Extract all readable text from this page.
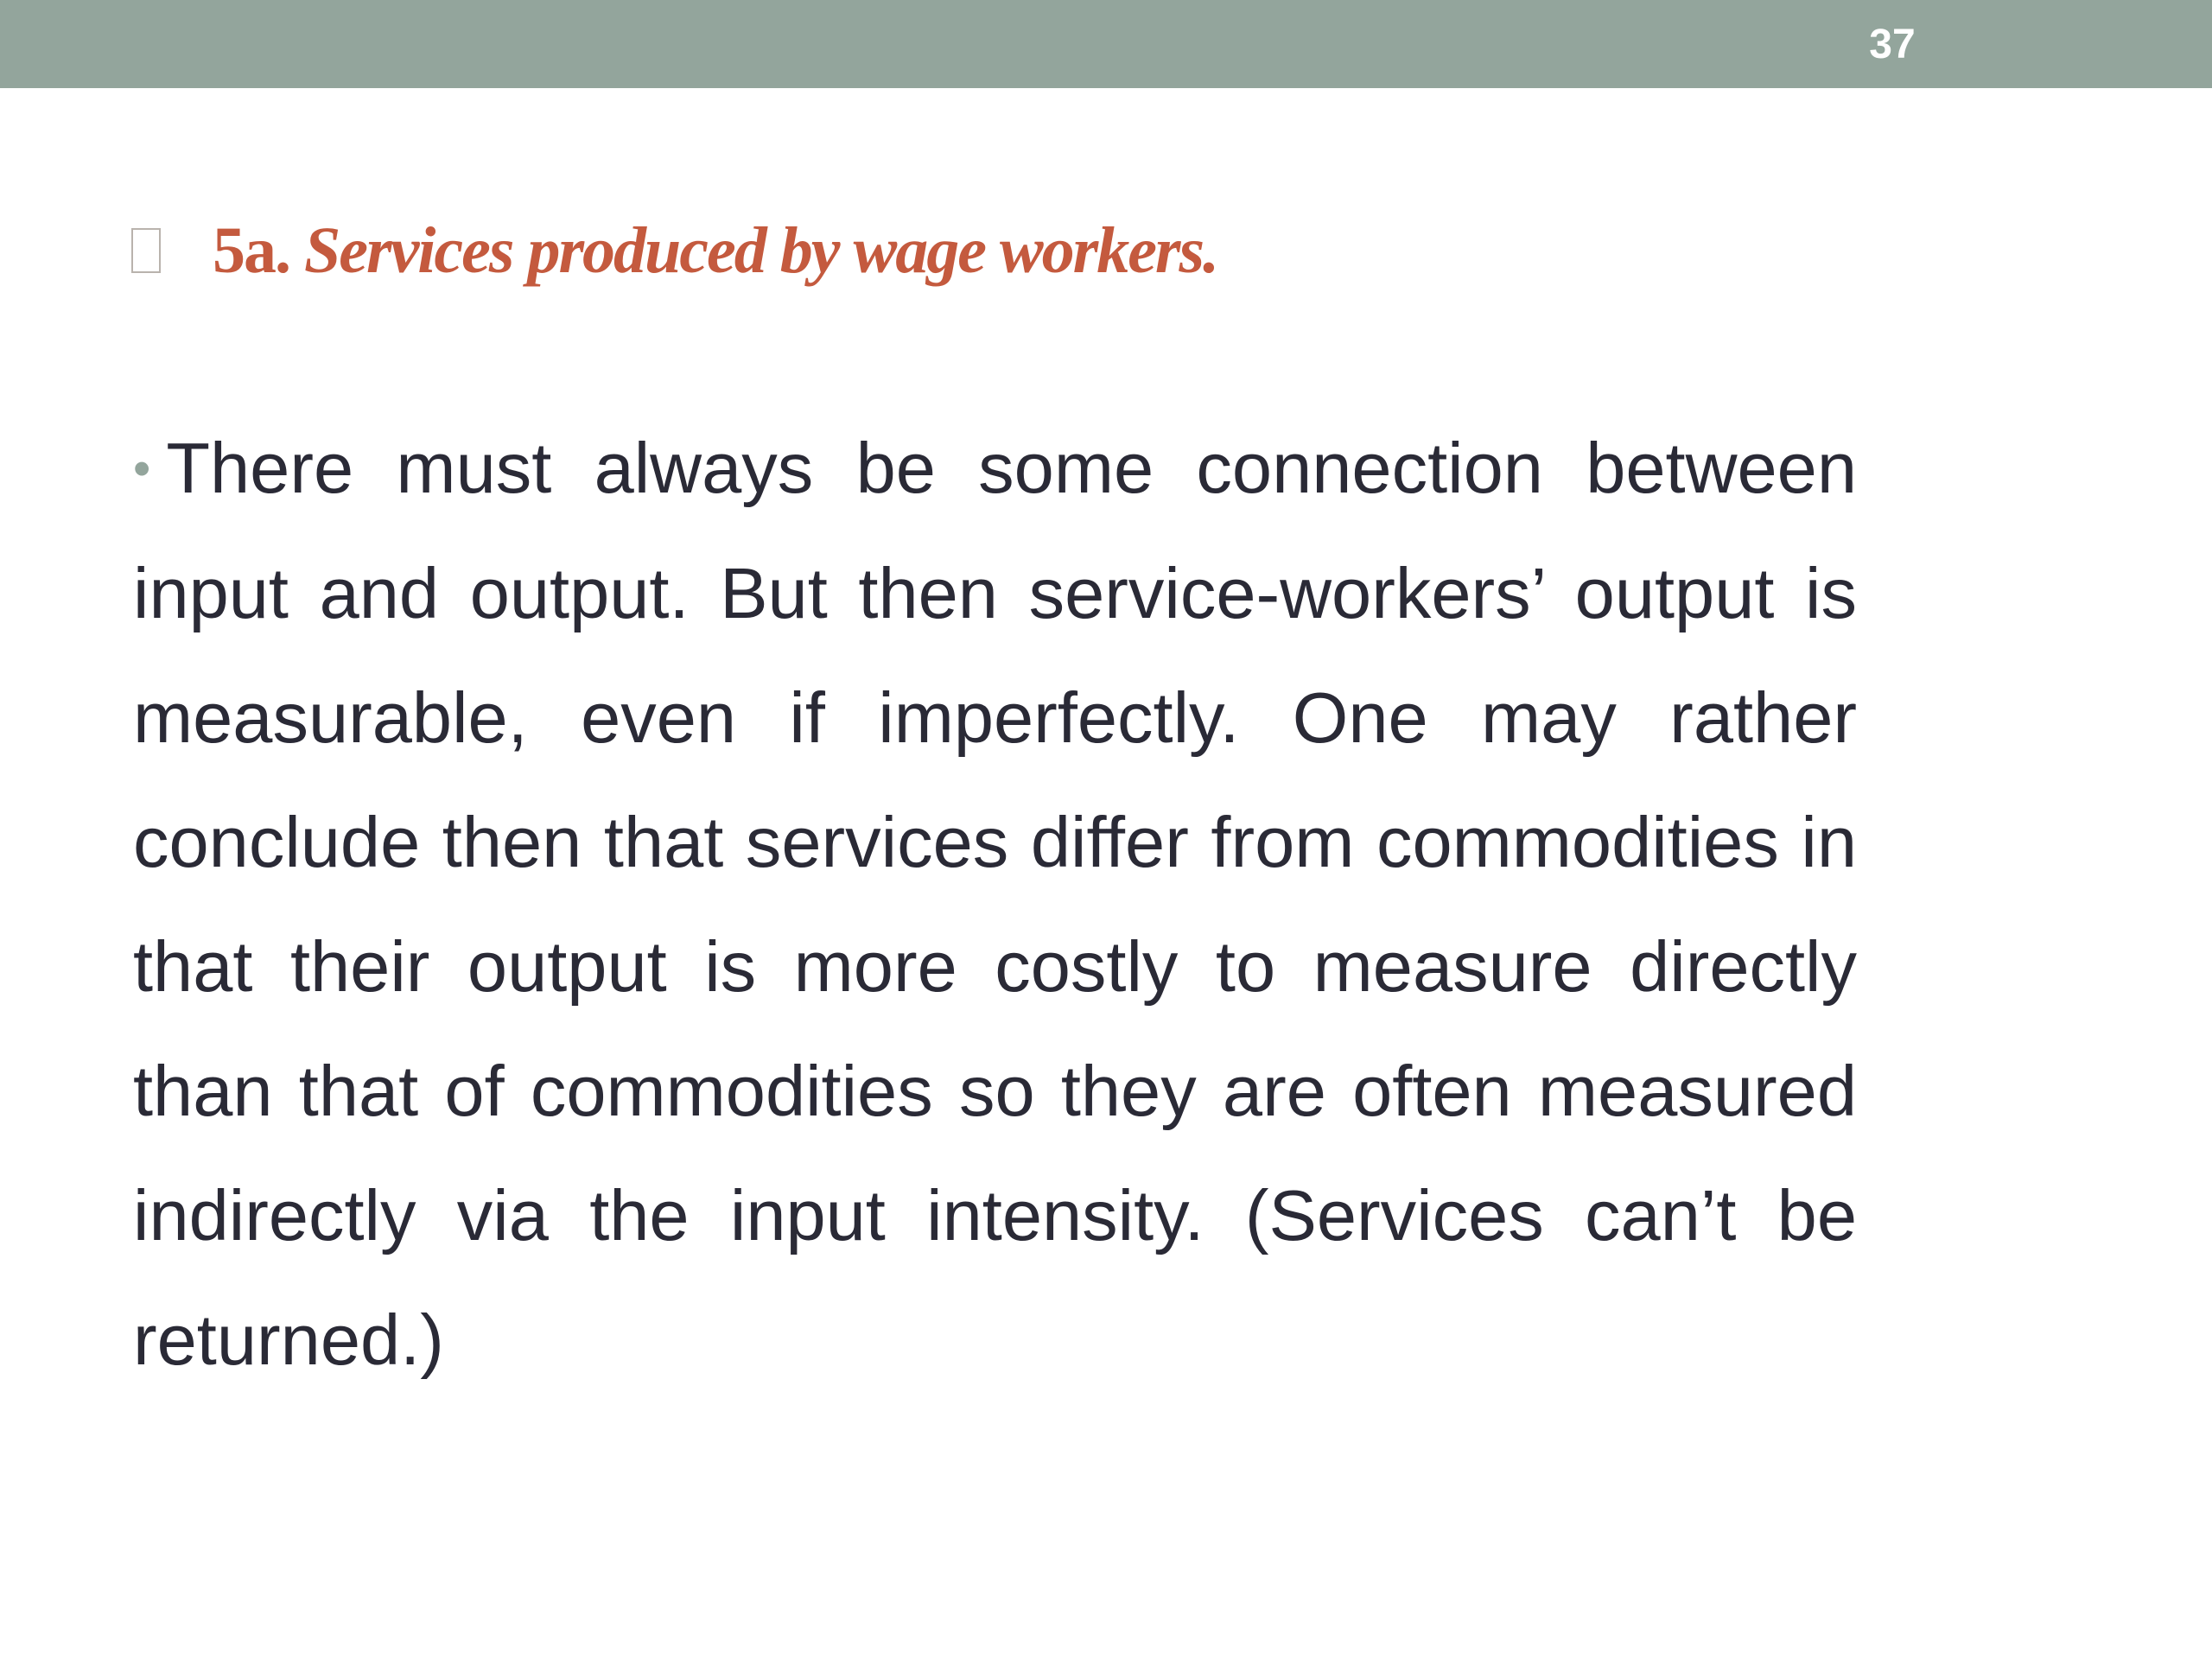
37
5a. Services produced by wage workers.
• There must always be some connection between input and output. But then service-workers’ output is measurable, even if imperfectly. One may rather conclude then that services differ from commodities in that their output is more costly to measure directly than that of commodities so they are often measured indirectly via the input intensity. (Services can’t be returned.)
